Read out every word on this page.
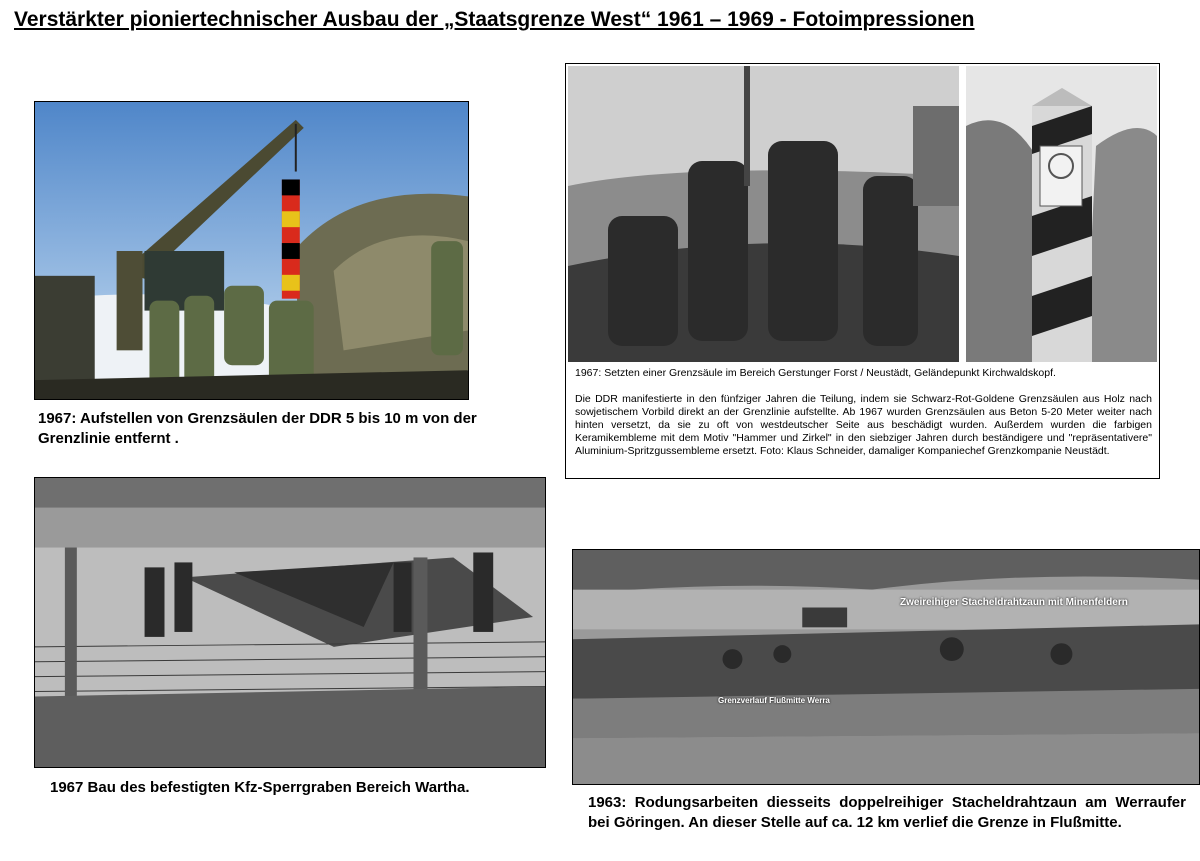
Verstärkter pioniertechnischer Ausbau der „Staatsgrenze West“ 1961 – 1969 - Fotoimpressionen
1967: Aufstellen von Grenzsäulen der DDR 5 bis 10 m von der Grenzlinie entfernt .
1967: Setzten einer Grenzsäule im Bereich Gerstunger Forst / Neustädt, Geländepunkt Kirchwaldskopf.
Die DDR manifestierte in den fünfziger Jahren die Teilung, indem sie Schwarz-Rot-Goldene Grenzsäulen aus Holz nach sowjetischem Vorbild direkt an der Grenzlinie aufstellte. Ab 1967 wurden Grenzsäulen aus Beton 5-20 Meter weiter nach hinten versetzt, da sie zu oft von westdeutscher Seite aus beschädigt wurden. Außerdem wurden die farbigen Keramikembleme mit dem Motiv "Hammer und Zirkel" in den siebziger Jahren durch beständigere und "repräsentativere" Aluminium-Spritzgussembleme ersetzt. Foto: Klaus Schneider, damaliger Kompaniechef Grenzkompanie Neustädt.
1967 Bau des befestigten Kfz-Sperrgraben Bereich Wartha.
Zweireihiger Stacheldrahtzaun mit Minenfeldern
Grenzverlauf Flußmitte Werra
1963: Rodungsarbeiten diesseits doppelreihiger Stacheldrahtzaun am Werraufer bei Göringen. An dieser Stelle auf ca. 12 km verlief die Grenze in Flußmitte.
